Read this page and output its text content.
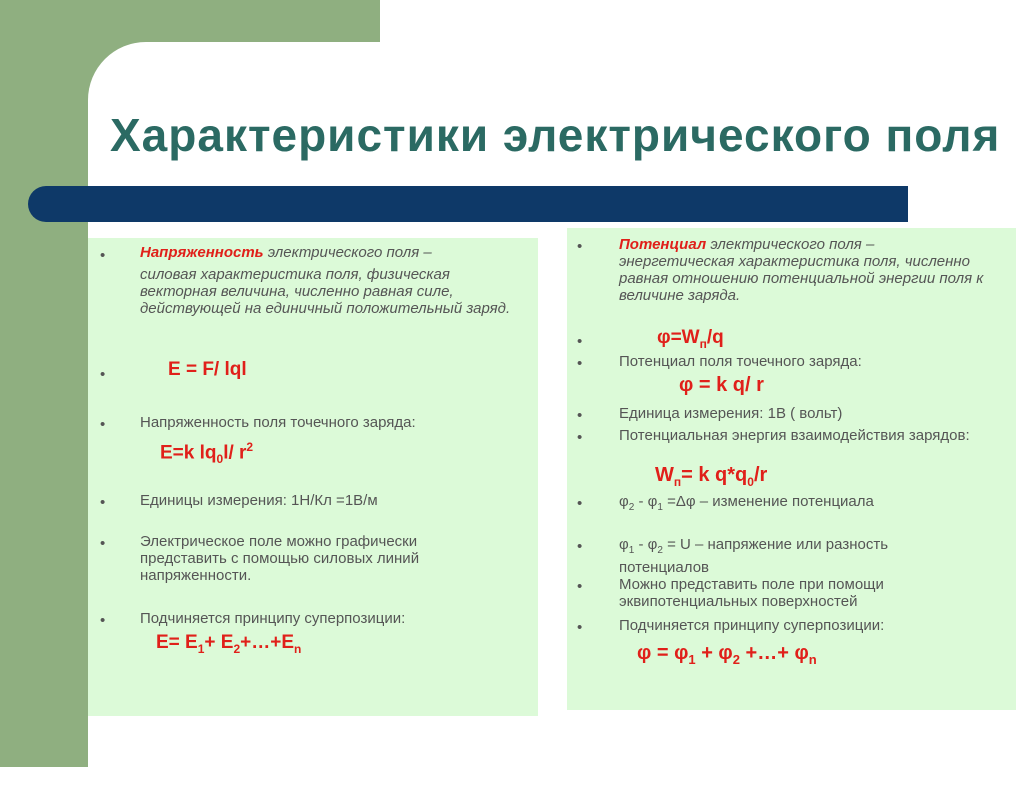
Характеристики электрического поля
• Напряженность электрического поля –
силовая характеристика поля, физическая векторная величина, численно равная силе, действующей на единичный положительный заряд.
•	E = F/ lql
• Напряженность поля точечного заряда:
E=k $lq_0l/$ $r^2$
• Единицы измерения: 1Н/Кл =1В/м
• Электрическое поле можно графически представить с помощью силовых линий напряженности.
• Подчиняется принципу суперпозиции:
$E= E_1+$ $E_2+\dots+E_n$
• Потенциал электрического поля – энергетическая характеристика поля, численно равная отношению потенциальной энергии поля к величине заряда.
•	$\varphi=W_п/q$
• Потенциал поля точечного заряда:
φ = k q/ r
• Единица измерения: 1В ( вольт)
• Потенциальная энергия взаимодействия зарядов:
$W_п= k$ $q*q_0/r$
• $\varphi_2 - \varphi_1 =\Delta\varphi$ – изменение потенциала
• $\varphi_1 - \varphi_2 = U$ – напряжение или разность потенциалов
• Можно представить поле при помощи эквипотенциальных поверхностей
• Подчиняется принципу суперпозиции:
$\varphi = \varphi_1 + \varphi_2$ +…+ $\varphi_n$
